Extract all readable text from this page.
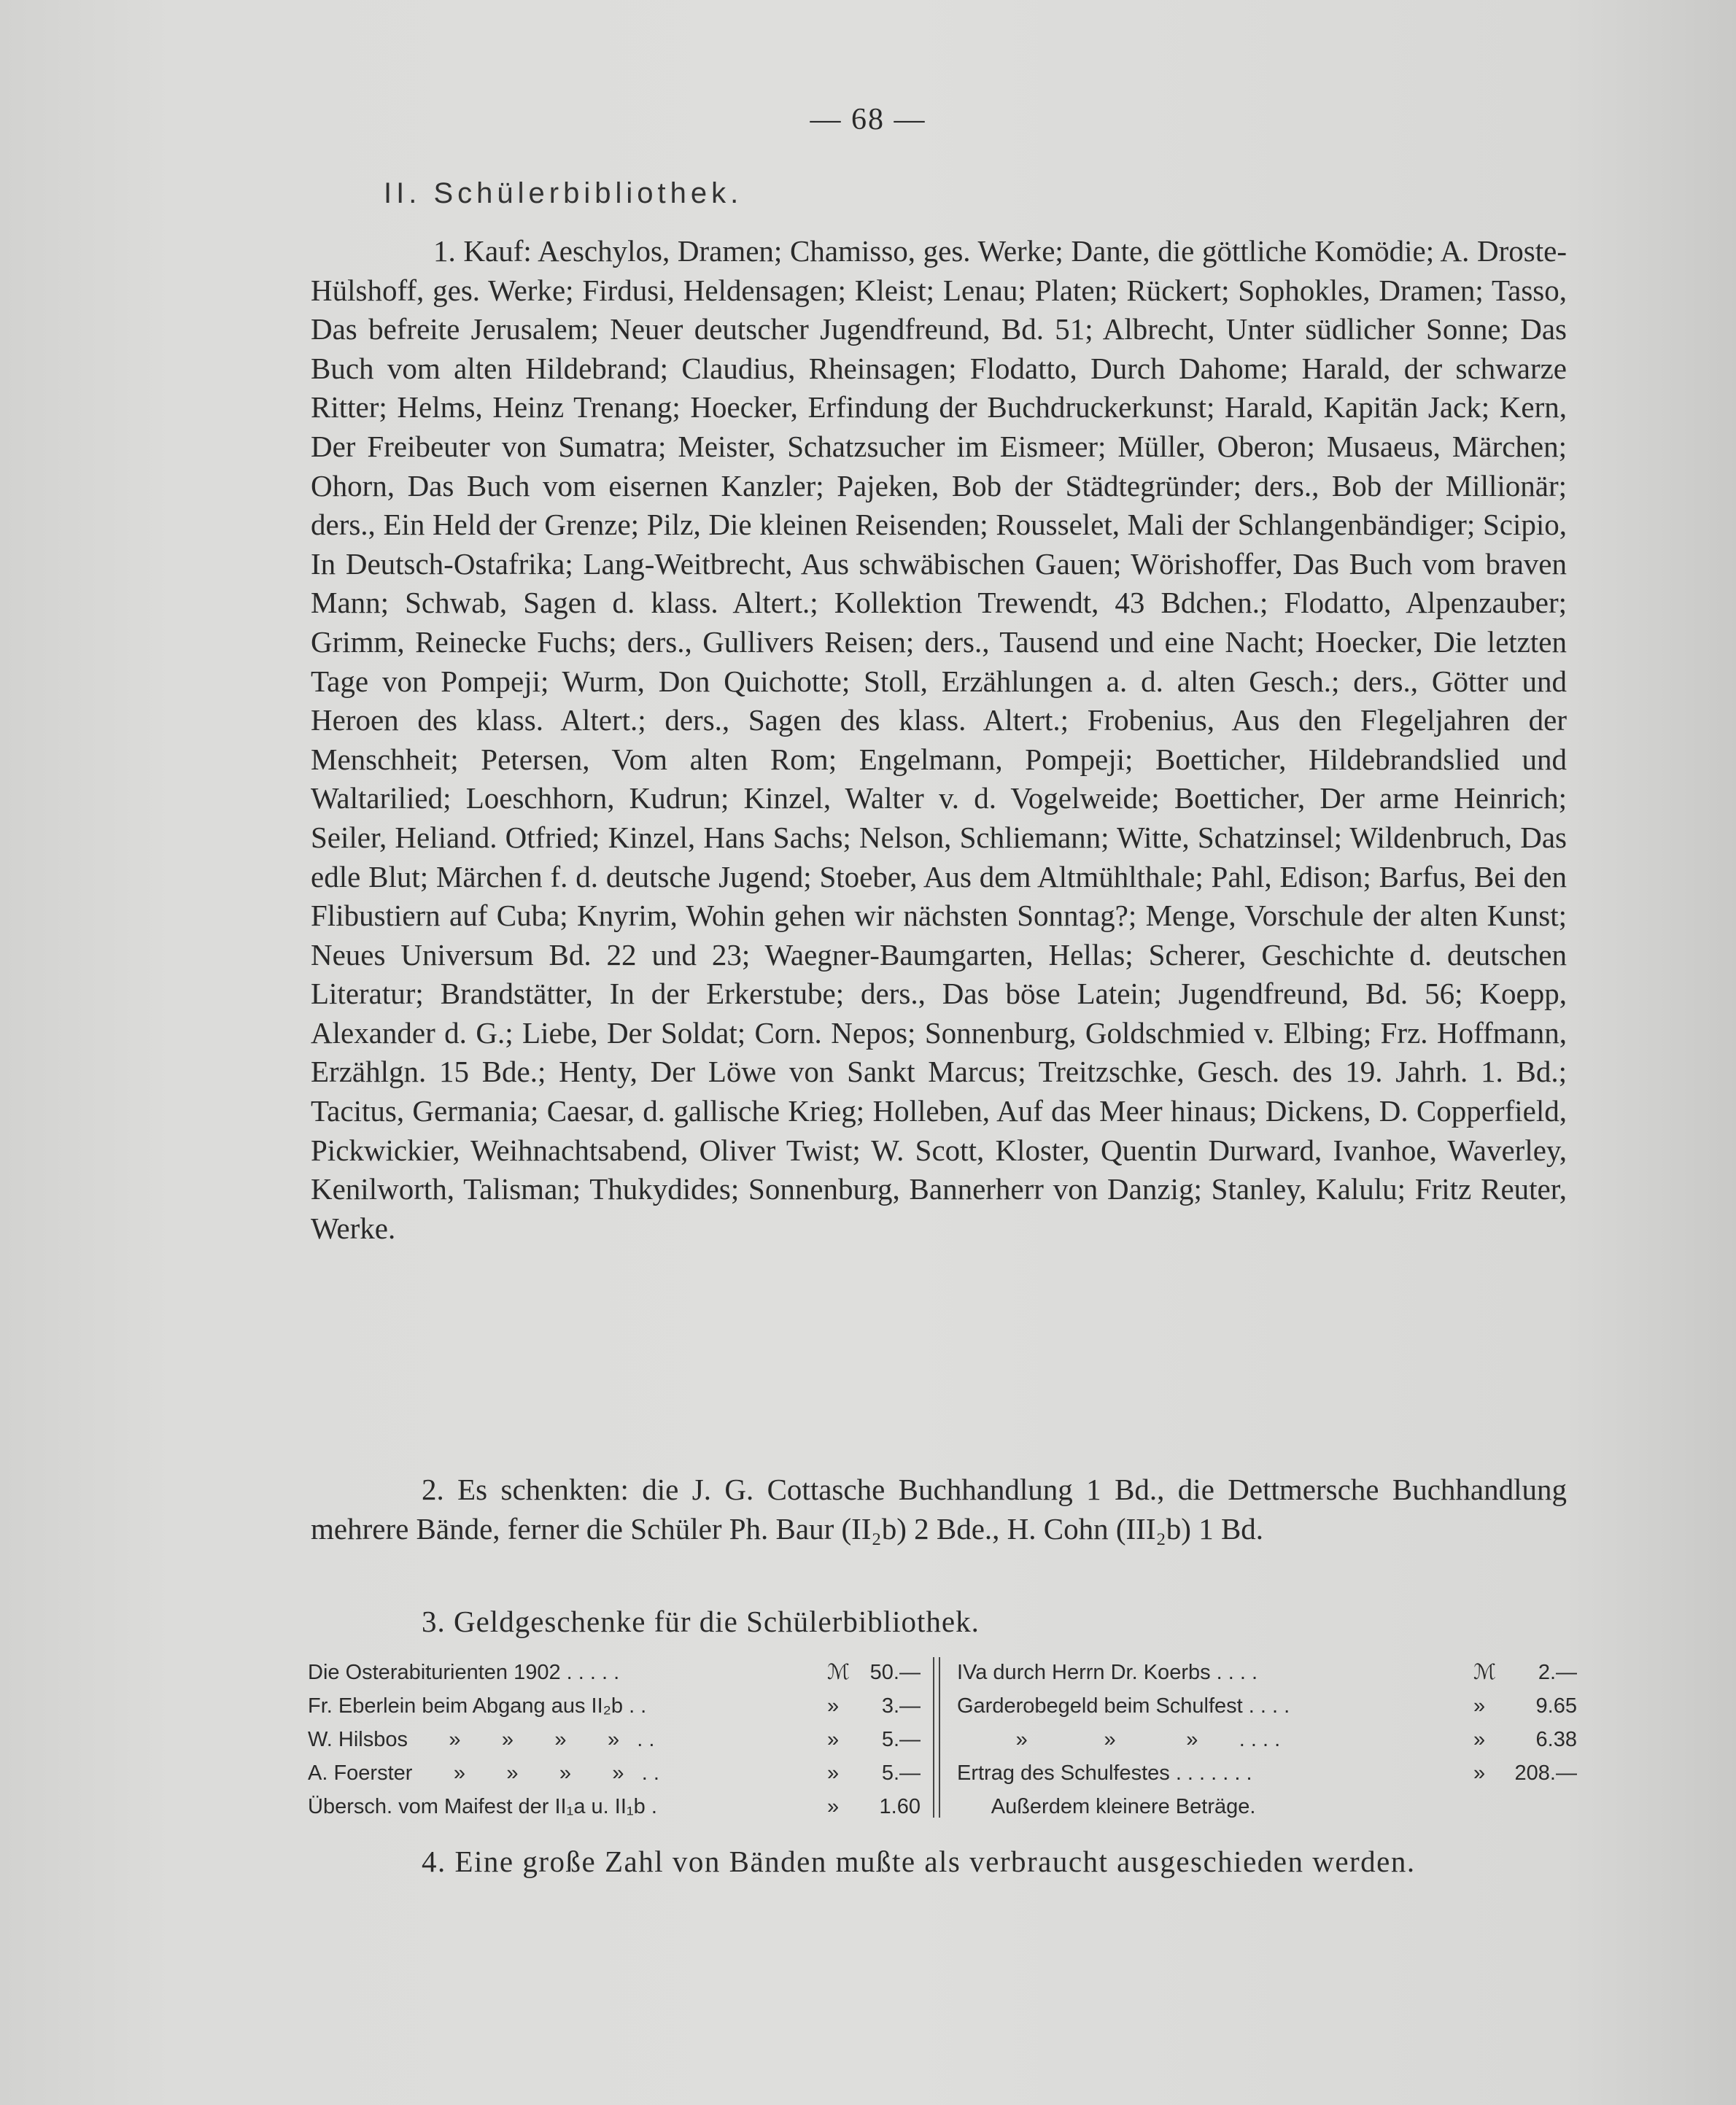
— 68 —
II. Schülerbibliothek.

1. Kauf: Aeschylos, Dramen; Chamisso, ges. Werke; Dante, die göttliche Komödie; A. Droste-Hülshoff, ges. Werke; Firdusi, Heldensagen; Kleist; Lenau; Platen; Rückert; Sophokles, Dramen; Tasso, Das befreite Jerusalem; Neuer deutscher Jugendfreund, Bd. 51; Albrecht, Unter südlicher Sonne; Das Buch vom alten Hildebrand; Claudius, Rheinsagen; Flodatto, Durch Dahome; Harald, der schwarze Ritter; Helms, Heinz Trenang; Hoecker, Erfindung der Buchdruckerkunst; Harald, Kapitän Jack; Kern, Der Freibeuter von Sumatra; Meister, Schatzsucher im Eismeer; Müller, Oberon; Musaeus, Märchen; Ohorn, Das Buch vom eisernen Kanzler; Pajeken, Bob der Städtegründer; ders., Bob der Millionär; ders., Ein Held der Grenze; Pilz, Die kleinen Reisenden; Rousselet, Mali der Schlangenbändiger; Scipio, In Deutsch-Ostafrika; Lang-Weitbrecht, Aus schwäbischen Gauen; Wörishoffer, Das Buch vom braven Mann; Schwab, Sagen d. klass. Altert.; Kollektion Trewendt, 43 Bdchen.; Flodatto, Alpenzauber; Grimm, Reinecke Fuchs; ders., Gullivers Reisen; ders., Tausend und eine Nacht; Hoecker, Die letzten Tage von Pompeji; Wurm, Don Quichotte; Stoll, Erzählungen a. d. alten Gesch.; ders., Götter und Heroen des klass. Altert.; ders., Sagen des klass. Altert.; Frobenius, Aus den Flegeljahren der Menschheit; Petersen, Vom alten Rom; Engelmann, Pompeji; Boetticher, Hildebrandslied und Waltarilied; Loeschhorn, Kudrun; Kinzel, Walter v. d. Vogelweide; Boetticher, Der arme Heinrich; Seiler, Heliand. Otfried; Kinzel, Hans Sachs; Nelson, Schliemann; Witte, Schatzinsel; Wildenbruch, Das edle Blut; Märchen f. d. deutsche Jugend; Stoeber, Aus dem Altmühlthale; Pahl, Edison; Barfus, Bei den Flibustiern auf Cuba; Knyrim, Wohin gehen wir nächsten Sonntag?; Menge, Vorschule der alten Kunst; Neues Universum Bd. 22 und 23; Waegner-Baumgarten, Hellas; Scherer, Geschichte d. deutschen Literatur; Brandstätter, In der Erkerstube; ders., Das böse Latein; Jugendfreund, Bd. 56; Koepp, Alexander d. G.; Liebe, Der Soldat; Corn. Nepos; Sonnenburg, Goldschmied v. Elbing; Frz. Hoffmann, Erzählgn. 15 Bde.; Henty, Der Löwe von Sankt Marcus; Treitzschke, Gesch. des 19. Jahrh. 1. Bd.; Tacitus, Germania; Caesar, d. gallische Krieg; Holleben, Auf das Meer hinaus; Dickens, D. Copperfield, Pickwickier, Weihnachtsabend, Oliver Twist; W. Scott, Kloster, Quentin Durward, Ivanhoe, Waverley, Kenilworth, Talisman; Thukydides; Sonnenburg, Bannerherr von Danzig; Stanley, Kalulu; Fritz Reuter, Werke.

2. Es schenkten: die J. G. Cottasche Buchhandlung 1 Bd., die Dettmersche Buchhandlung mehrere Bände, ferner die Schüler Ph. Baur (II₂b) 2 Bde., H. Cohn (III₂b) 1 Bd.

3. Geldgeschenke für die Schülerbibliothek.
Die Osterabiturienten 1902 . . . . .	ℳ 50.—
Fr. Eberlein beim Abgang aus II₂b . .	» 3.—
W. Hilsbos       »       »       »       »   . .	» 5.—
A. Foerster       »       »       »       »   . .	» 5.—
Übersch. vom Maifest der II₁a u. II₁b .	» 1.60
IVa durch Herrn Dr. Koerbs . . . .	ℳ 2.—
Garderobegeld beim Schulfest . . . .	» 9.65
»             »            »       . . . .	» 6.38
Ertrag des Schulfestes . . . . . . .	» 208.—
Außerdem kleinere Beträge.
4. Eine große Zahl von Bänden mußte als verbraucht ausgeschieden werden.
